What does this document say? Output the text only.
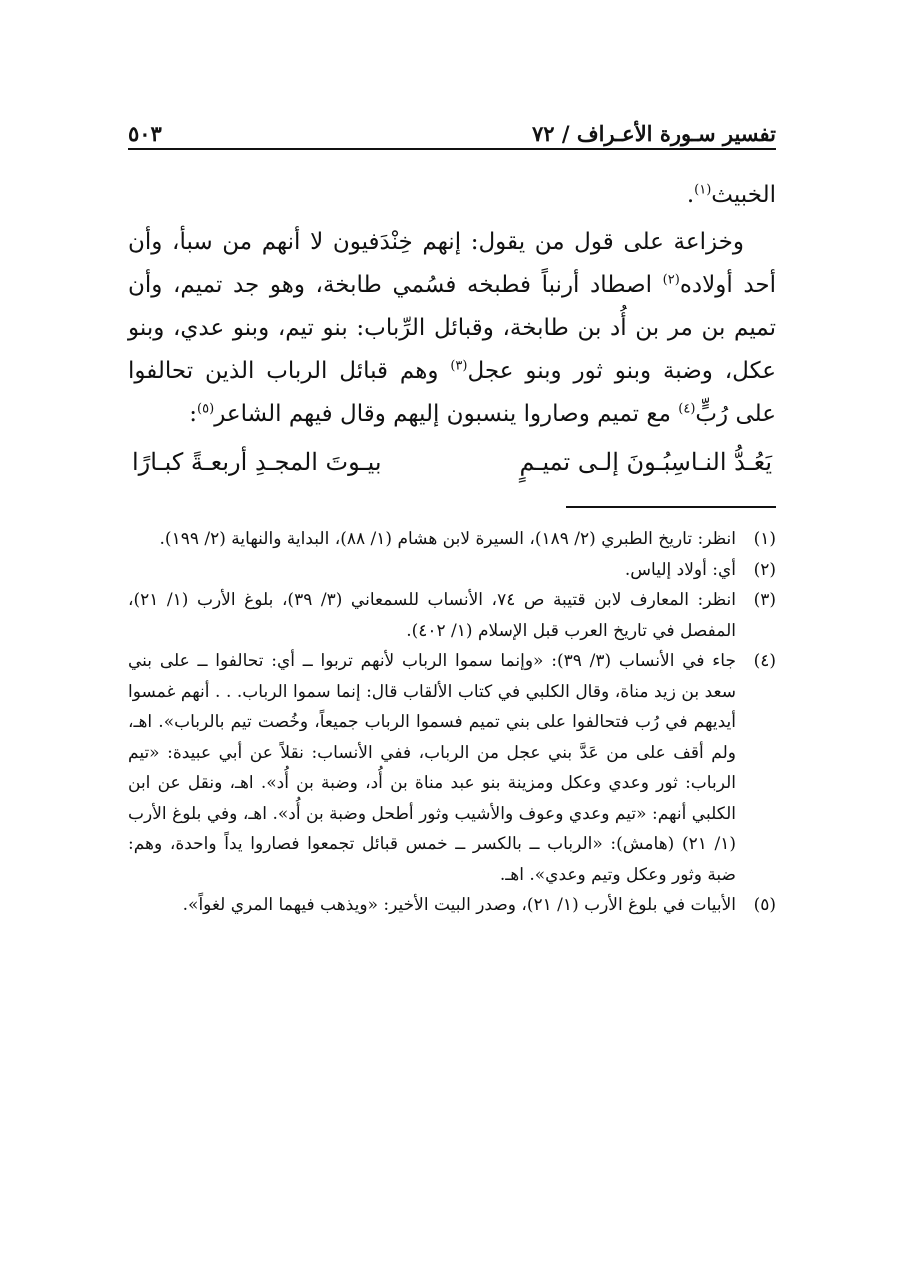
تفسير سـورة الأعـراف / ٧٢
٥٠٣

الخبيث$^{(١)}$.

وخزاعة على قول من يقول: إنهم خِنْدَفيون لا أنهم من سبأ، وأن أحد أولاده$^{(٢)}$ اصطاد أرنباً فطبخه فسُمي طابخة، وهو جد تميم، وأن تميم بن مر بن أُد بن طابخة، وقبائل الرِّباب: بنو تيم، وبنو عدي، وبنو عكل، وضبة وبنو ثور وبنو عجل$^{(٣)}$ وهم قبائل الرباب الذين تحالفوا على رُبٍّ$^{(٤)}$ مع تميم وصاروا ينسبون إليهم وقال فيهم الشاعر$^{(٥)}$:

يَعُـدُّ النـاسِبُـونَ إلـى تميـمٍ
بيـوتَ المجـدِ أربعـةً كبـارًا
(١)
انظر: تاريخ الطبري (٢/ ١٨٩)، السيرة لابن هشام (١/ ٨٨)، البداية والنهاية (٢/ ١٩٩).
(٢)
أي: أولاد إلياس.
(٣)
انظر: المعارف لابن قتيبة ص ٧٤، الأنساب للسمعاني (٣/ ٣٩)، بلوغ الأرب (١/ ٢١)، المفصل في تاريخ العرب قبل الإسلام (١/ ٤٠٢).
(٤)
جاء في الأنساب (٣/ ٣٩): «وإنما سموا الرباب لأنهم تربوا ــ أي: تحالفوا ــ على بني سعد بن زيد مناة، وقال الكلبي في كتاب الألقاب قال: إنما سموا الرباب. . . أنهم غمسوا أيديهم في رُب فتحالفوا على بني تميم فسموا الرباب جميعاً، وخُصت تيم بالرباب». اهـ، ولم أقف على من عَدَّ بني عجل من الرباب، ففي الأنساب: نقلاً عن أبي عبيدة: «تيم الرباب: ثور وعدي وعكل ومزينة بنو عبد مناة بن أُد، وضبة بن أُد». اهـ، ونقل عن ابن الكلبي أنهم: «تيم وعدي وعوف والأشيب وثور أطحل وضبة بن أُد». اهـ، وفي بلوغ الأرب (١/ ٢١) (هامش): «الرباب ــ بالكسر ــ خمس قبائل تجمعوا فصاروا يداً واحدة، وهم: ضبة وثور وعكل وتيم وعدي». اهـ.
(٥)
الأبيات في بلوغ الأرب (١/ ٢١)، وصدر البيت الأخير: «ويذهب فيهما المري لغواً».
